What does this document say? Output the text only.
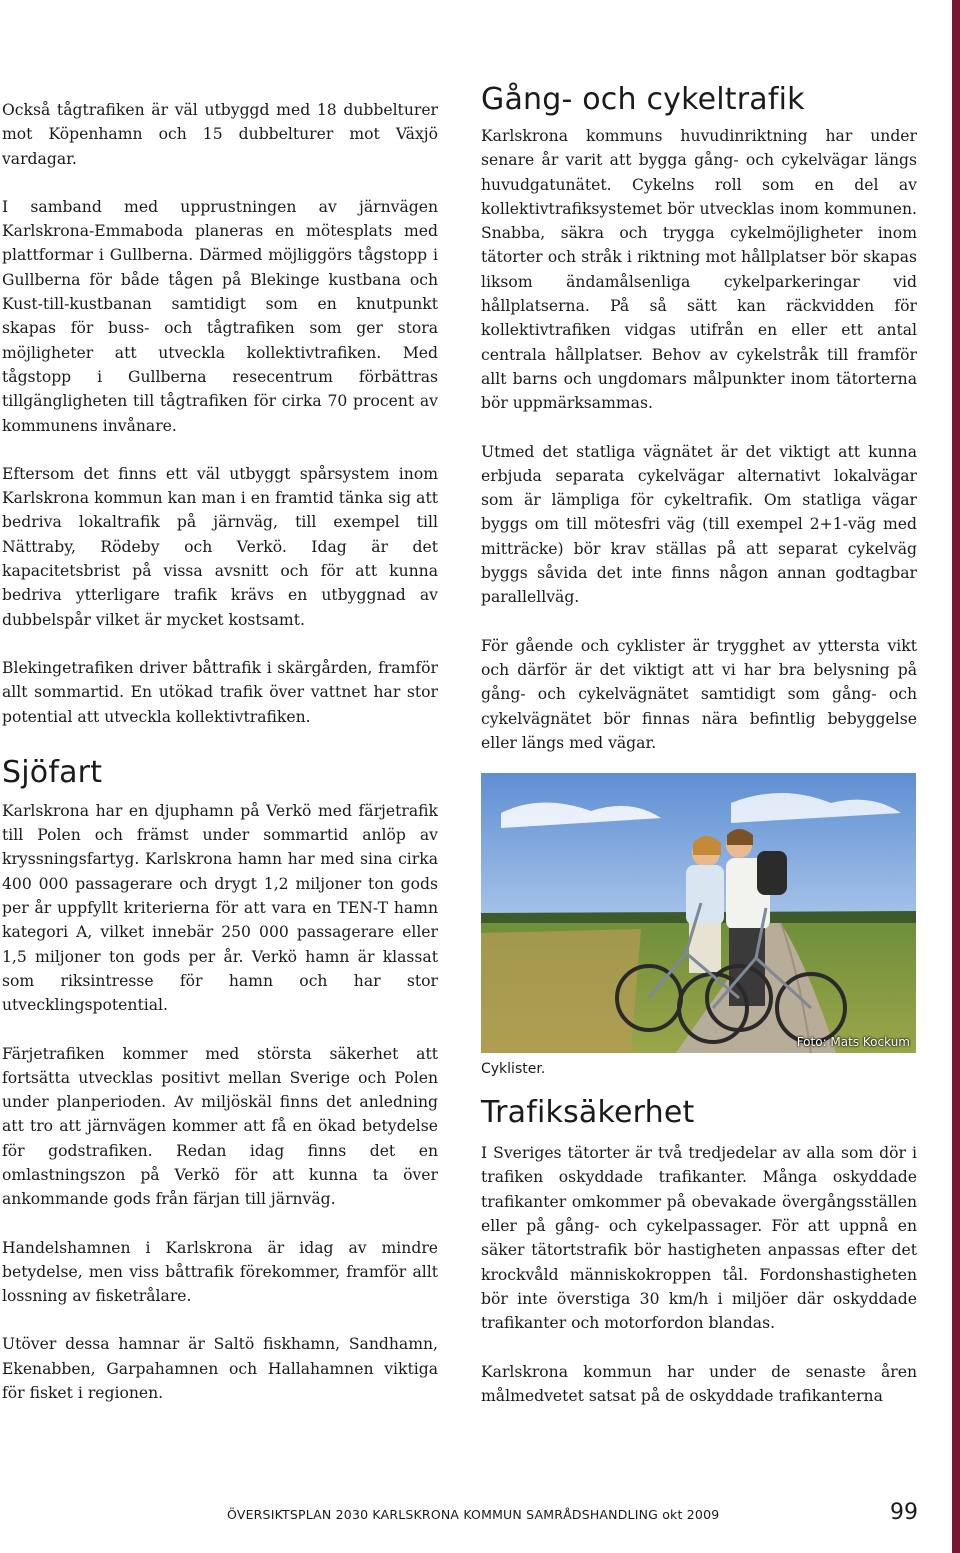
Också tågtrafiken är väl utbyggd med 18 dubbelturer mot Köpenhamn och 15 dubbelturer mot Växjö vardagar.

I samband med upprustningen av järnvägen Karlskrona-Emmaboda planeras en mötesplats med plattformar i Gullberna. Därmed möjliggörs tågstopp i Gullberna för både tågen på Blekinge kustbana och Kust-till-kustbanan samtidigt som en knutpunkt skapas för buss- och tågtrafiken som ger stora möjligheter att utveckla kollektivtrafiken. Med tågstopp i Gullberna resecentrum förbättras tillgängligheten till tågtrafiken för cirka 70 procent av kommunens invånare.

Eftersom det finns ett väl utbyggt spårsystem inom Karlskrona kommun kan man i en framtid tänka sig att bedriva lokaltrafik på järnväg, till exempel till Nättraby, Rödeby och Verkö. Idag är det kapacitetsbrist på vissa avsnitt och för att kunna bedriva ytterligare trafik krävs en utbyggnad av dubbelspår vilket är mycket kostsamt.

Blekingetrafiken driver båttrafik i skärgården, framför allt sommartid. En utökad trafik över vattnet har stor potential att utveckla kollektivtrafiken.

Sjöfart

Karlskrona har en djuphamn på Verkö med färjetrafik till Polen och främst under sommartid anlöp av kryssningsfartyg. Karlskrona hamn har med sina cirka 400 000 passagerare och drygt 1,2 miljoner ton gods per år uppfyllt kriterierna för att vara en TEN-T hamn kategori A, vilket innebär 250 000 passagerare eller 1,5 miljoner ton gods per år. Verkö hamn är klassat som riksintresse för hamn och har stor utvecklingspotential.

Färjetrafiken kommer med största säkerhet att fortsätta utvecklas positivt mellan Sverige och Polen under planperioden. Av miljöskäl finns det anledning att tro att järnvägen kommer att få en ökad betydelse för godstrafiken. Redan idag finns det en omlastningszon på Verkö för att kunna ta över ankommande gods från färjan till järnväg.

Handelshamnen i Karlskrona är idag av mindre betydelse, men viss båttrafik förekommer, framför allt lossning av fisketrålare.

Utöver dessa hamnar är Saltö fiskhamn, Sandhamn, Ekenabben, Garpahamnen och Hallahamnen viktiga för fisket i regionen.

Gång- och cykeltrafik

Karlskrona kommuns huvudinriktning har under senare år varit att bygga gång- och cykelvägar längs huvudgatunätet. Cykelns roll som en del av kollektivtrafiksystemet bör utvecklas inom kommunen. Snabba, säkra och trygga cykelmöjligheter inom tätorter och stråk i riktning mot hållplatser bör skapas liksom ändamålsenliga cykelparkeringar vid hållplatserna. På så sätt kan räckvidden för kollektivtrafiken vidgas utifrån en eller ett antal centrala hållplatser. Behov av cykelstråk till framför allt barns och ungdomars målpunkter inom tätorterna bör uppmärksammas.

Utmed det statliga vägnätet är det viktigt att kunna erbjuda separata cykelvägar alternativt lokalvägar som är lämpliga för cykeltrafik. Om statliga vägar byggs om till mötesfri väg (till exempel 2+1-väg med mitträcke) bör krav ställas på att separat cykelväg byggs såvida det inte finns någon annan godtagbar parallellväg.

För gående och cyklister är trygghet av yttersta vikt och därför är det viktigt att vi har bra belysning på gång- och cykelvägnätet samtidigt som gång- och cykelvägnätet bör finnas nära befintlig bebyggelse eller längs med vägar.

Foto: Mats Kockum
Cyklister.
Trafiksäkerhet

I Sveriges tätorter är två tredjedelar av alla som dör i trafiken oskyddade trafikanter. Många oskyddade trafikanter omkommer på obevakade övergångsställen eller på gång- och cykelpassager. För att uppnå en säker tätortstrafik bör hastigheten anpassas efter det krockvåld människokroppen tål. Fordonshastigheten bör inte överstiga 30 km/h i miljöer där oskyddade trafikanter och motorfordon blandas.

Karlskrona kommun har under de senaste åren målmedvetet satsat på de oskyddade trafikanterna

ÖVERSIKTSPLAN 2030 KARLSKRONA KOMMUN SAMRÅDSHANDLING okt 2009	99
